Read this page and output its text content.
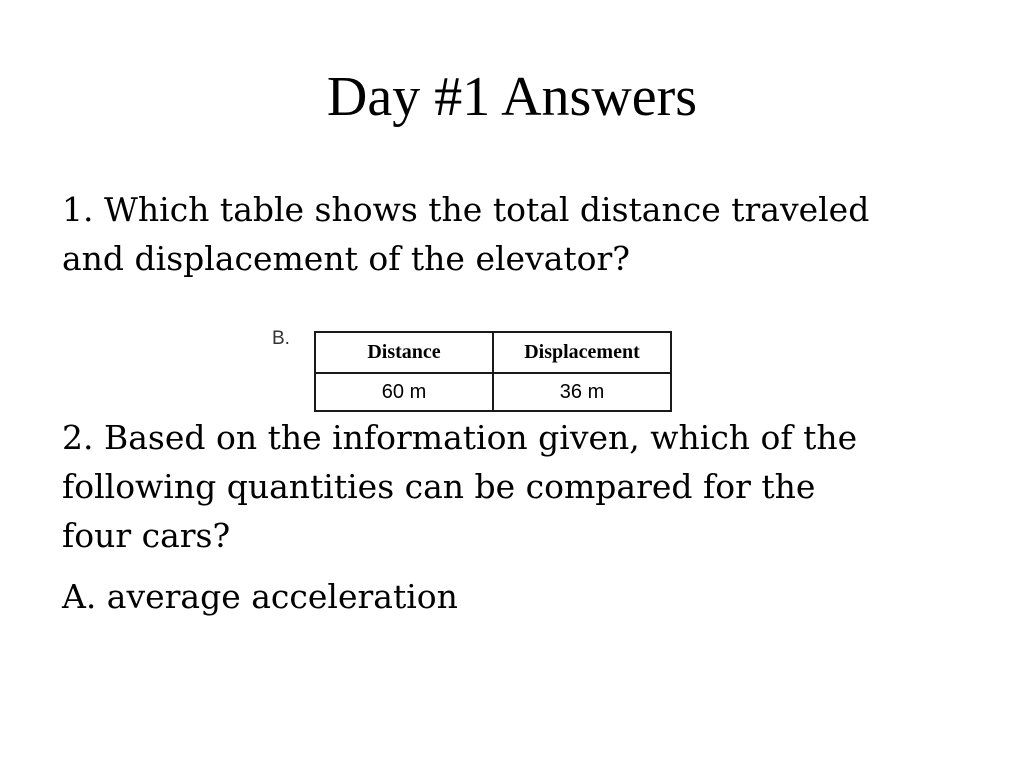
Day #1 Answers
1. Which table shows the total distance traveled
and displacement of the elevator?
2. Based on the information given, which of the
following quantities can be compared for the
four cars?
A. average acceleration
B.
Distance	Displacement
60 m	36 m
